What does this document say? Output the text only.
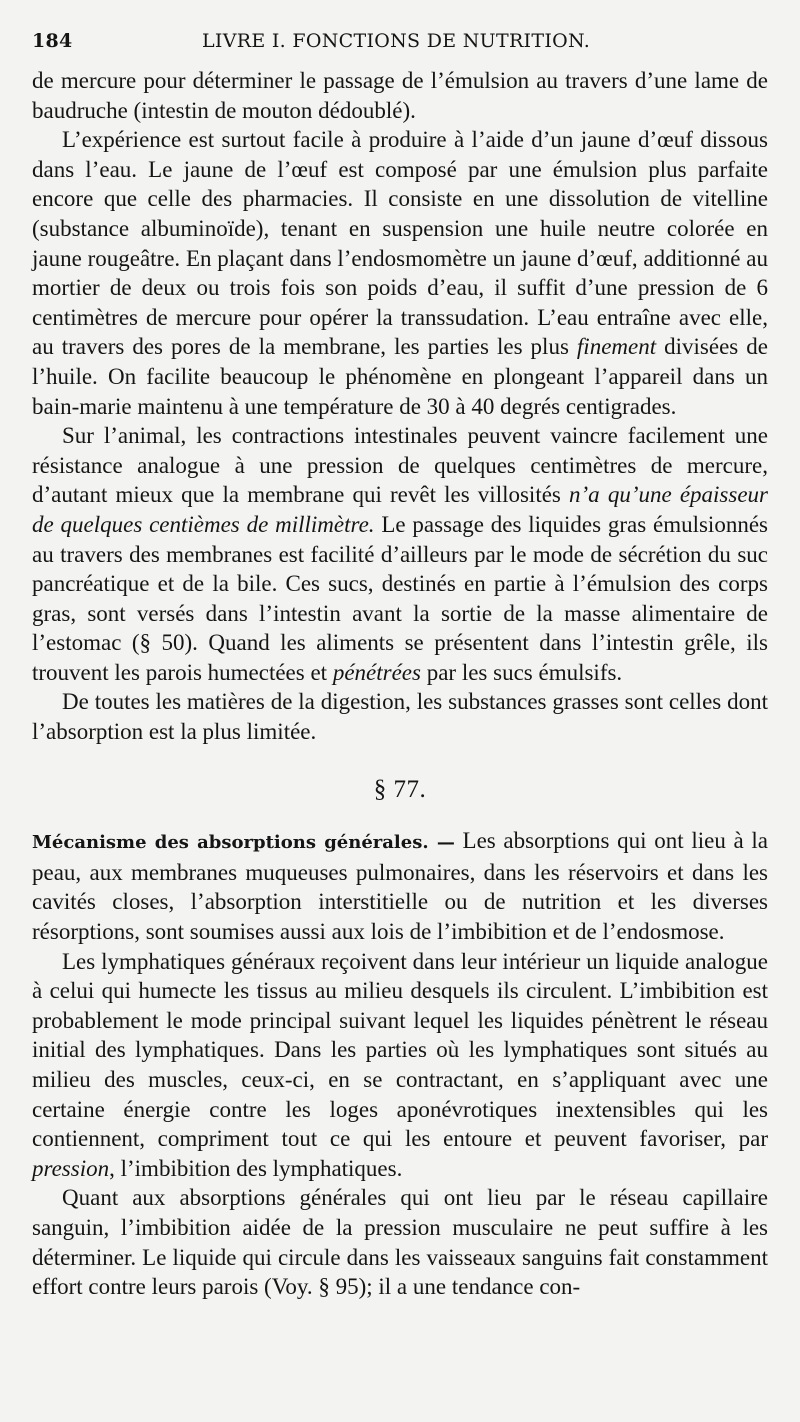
184	LIVRE I. FONCTIONS DE NUTRITION.

de mercure pour déterminer le passage de l’émulsion au travers d’une lame de baudruche (intestin de mouton dédoublé).

L’expérience est surtout facile à produire à l’aide d’un jaune d’œuf dissous dans l’eau. Le jaune de l’œuf est composé par une émulsion plus parfaite encore que celle des pharmacies. Il consiste en une dissolution de vitelline (substance albuminoïde), tenant en suspension une huile neutre colorée en jaune rougeâtre. En plaçant dans l’endosmomètre un jaune d’œuf, additionné au mortier de deux ou trois fois son poids d’eau, il suffit d’une pression de 6 centimètres de mercure pour opérer la transsudation. L’eau entraîne avec elle, au travers des pores de la membrane, les parties les plus finement divisées de l’huile. On facilite beaucoup le phénomène en plongeant l’appareil dans un bain-marie maintenu à une température de 30 à 40 degrés centigrades.

Sur l’animal, les contractions intestinales peuvent vaincre facilement une résistance analogue à une pression de quelques centimètres de mercure, d’autant mieux que la membrane qui revêt les villosités n’a qu’une épaisseur de quelques centièmes de millimètre. Le passage des liquides gras émulsionnés au travers des membranes est facilité d’ailleurs par le mode de sécrétion du suc pancréatique et de la bile. Ces sucs, destinés en partie à l’émulsion des corps gras, sont versés dans l’intestin avant la sortie de la masse alimentaire de l’estomac (§ 50). Quand les aliments se présentent dans l’intestin grêle, ils trouvent les parois humectées et pénétrées par les sucs émulsifs.

De toutes les matières de la digestion, les substances grasses sont celles dont l’absorption est la plus limitée.

§ 77.

Mécanisme des absorptions générales. — Les absorptions qui ont lieu à la peau, aux membranes muqueuses pulmonaires, dans les réservoirs et dans les cavités closes, l’absorption interstitielle ou de nutrition et les diverses résorptions, sont soumises aussi aux lois de l’imbibition et de l’endosmose.

Les lymphatiques généraux reçoivent dans leur intérieur un liquide analogue à celui qui humecte les tissus au milieu desquels ils circulent. L’imbibition est probablement le mode principal suivant lequel les liquides pénètrent le réseau initial des lymphatiques. Dans les parties où les lymphatiques sont situés au milieu des muscles, ceux-ci, en se contractant, en s’appliquant avec une certaine énergie contre les loges aponévrotiques inextensibles qui les contiennent, compriment tout ce qui les entoure et peuvent favoriser, par pression, l’imbibition des lymphatiques.

Quant aux absorptions générales qui ont lieu par le réseau capillaire sanguin, l’imbibition aidée de la pression musculaire ne peut suffire à les déterminer. Le liquide qui circule dans les vaisseaux sanguins fait constamment effort contre leurs parois (Voy. § 95); il a une tendance con-
